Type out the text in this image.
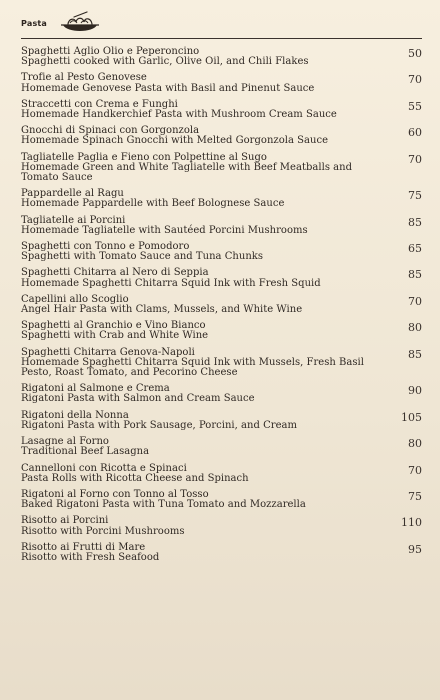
Pasta
Spaghetti Aglio Olio e Peperoncino
Spaghetti cooked with Garlic, Olive Oil, and Chili Flakes
50
Trofie al Pesto Genovese
Homemade Genovese Pasta with Basil and Pinenut Sauce
70
Straccetti con Crema e Funghi
Homemade Handkerchief Pasta with Mushroom Cream Sauce
55
Gnocchi di Spinaci con Gorgonzola
Homemade Spinach Gnocchi with Melted Gorgonzola Sauce
60
Tagliatelle Paglia e Fieno con Polpettine al Sugo
Homemade Green and White Tagliatelle with Beef Meatballs and Tomato Sauce
70
Pappardelle al Ragu
Homemade Pappardelle with Beef Bolognese Sauce
75
Tagliatelle ai Porcini
Homemade Tagliatelle with Sautéed Porcini Mushrooms
85
Spaghetti con Tonno e Pomodoro
Spaghetti with Tomato Sauce and Tuna Chunks
65
Spaghetti Chitarra al Nero di Seppia
Homemade Spaghetti Chitarra Squid Ink with Fresh Squid
85
Capellini allo Scoglio
Angel Hair Pasta with Clams, Mussels, and White Wine
70
Spaghetti al Granchio e Vino Bianco
Spaghetti with Crab and White Wine
80
Spaghetti Chitarra Genova-Napoli
Homemade Spaghetti Chitarra Squid Ink with Mussels, Fresh Basil Pesto, Roast Tomato, and Pecorino Cheese
85
Rigatoni al Salmone e Crema
Rigatoni Pasta with Salmon and Cream Sauce
90
Rigatoni della Nonna
Rigatoni Pasta with Pork Sausage, Porcini, and Cream
105
Lasagne al Forno
Traditional Beef Lasagna
80
Cannelloni con Ricotta e Spinaci
Pasta Rolls with Ricotta Cheese and Spinach
70
Rigatoni al Forno con Tonno al Tosso
Baked Rigatoni Pasta with Tuna Tomato and Mozzarella
75
Risotto ai Porcini
Risotto with Porcini Mushrooms
110
Risotto ai Frutti di Mare
Risotto with Fresh Seafood
95
